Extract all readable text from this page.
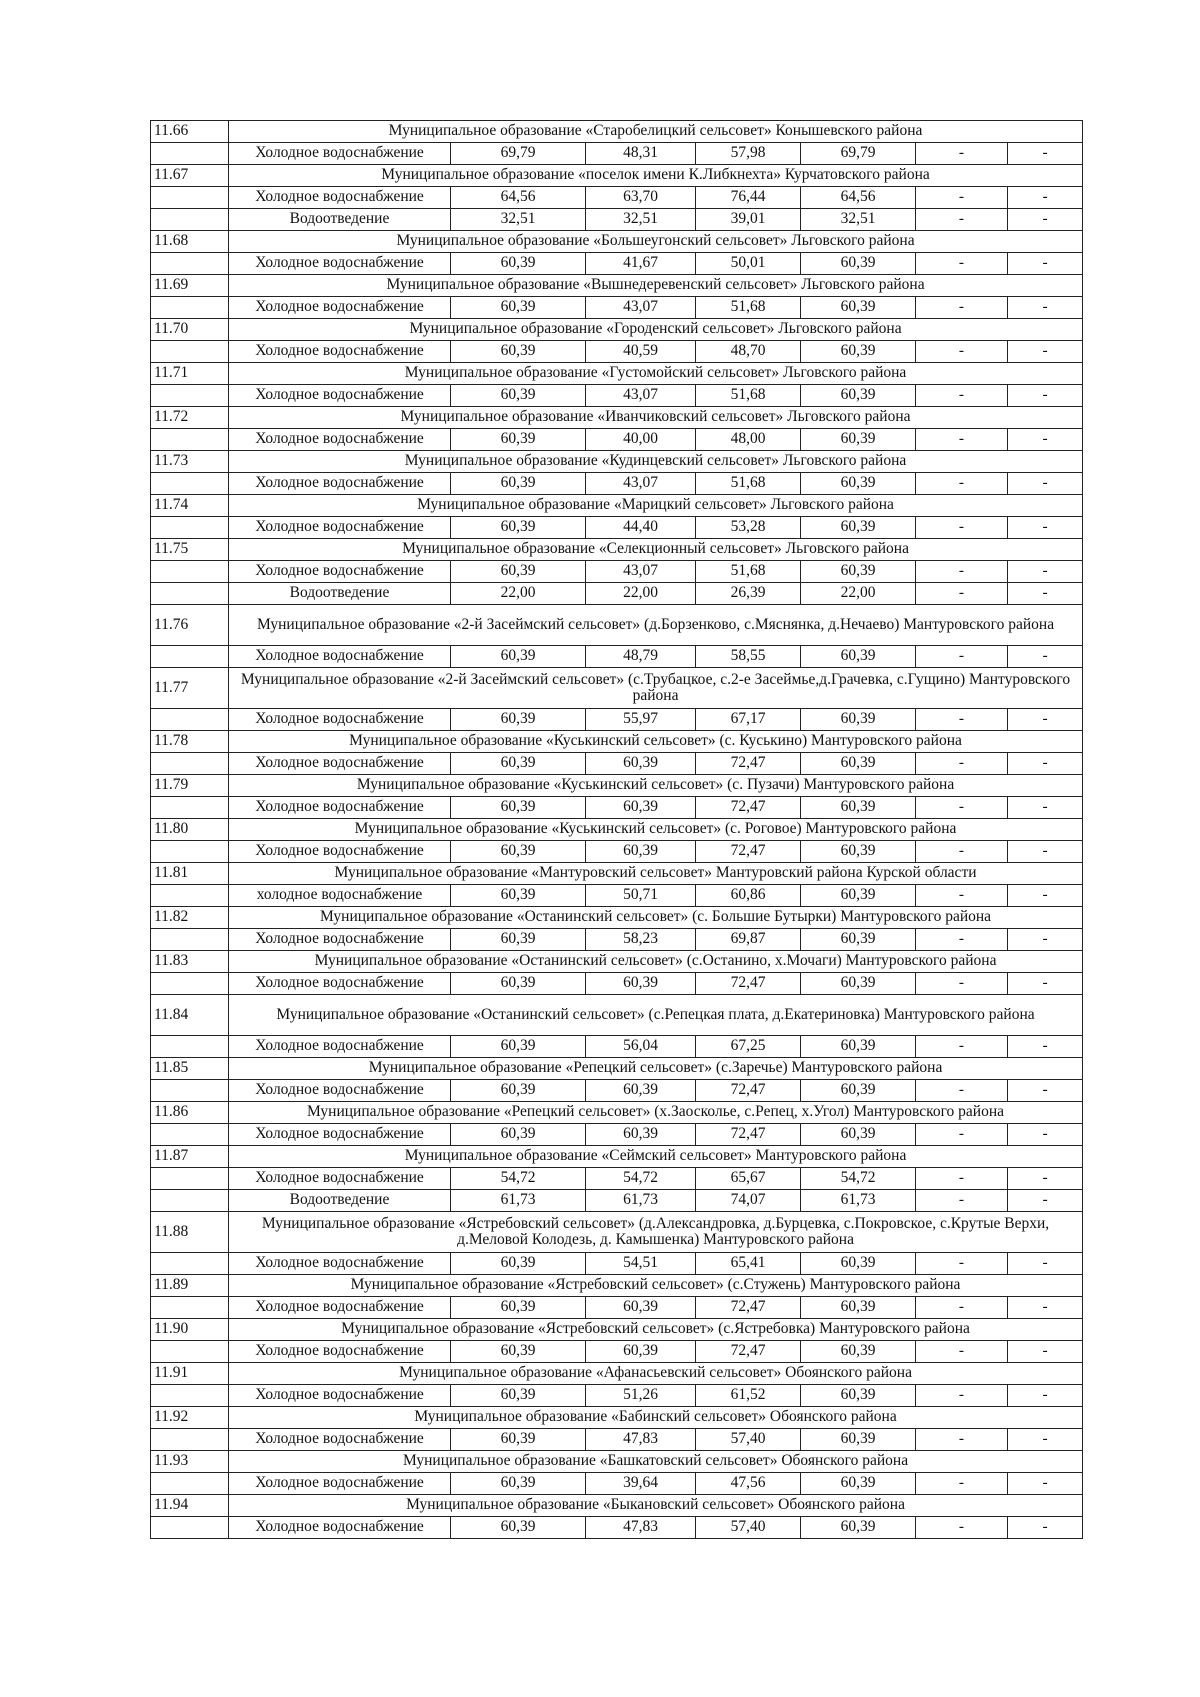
11.66	Муниципальное образование «Старобелицкий сельсовет» Конышевского района						
	Холодное водоснабжение	69,79	48,31	57,98	69,79	-	-
11.67	Муниципальное образование «поселок имени К.Либкнехта» Курчатовского района						
	Холодное водоснабжение	64,56	63,70	76,44	64,56	-	-
	Водоотведение	32,51	32,51	39,01	32,51	-	-
11.68	Муниципальное образование «Большеугонский сельсовет» Льговского района						
	Холодное водоснабжение	60,39	41,67	50,01	60,39	-	-
11.69	Муниципальное образование «Вышнедеревенский сельсовет» Льговского района						
	Холодное водоснабжение	60,39	43,07	51,68	60,39	-	-
11.70	Муниципальное образование «Городенский сельсовет» Льговского района						
	Холодное водоснабжение	60,39	40,59	48,70	60,39	-	-
11.71	Муниципальное образование «Густомойский сельсовет» Льговского района						
	Холодное водоснабжение	60,39	43,07	51,68	60,39	-	-
11.72	Муниципальное образование «Иванчиковский сельсовет» Льговского района						
	Холодное водоснабжение	60,39	40,00	48,00	60,39	-	-
11.73	Муниципальное образование «Кудинцевский сельсовет» Льговского района						
	Холодное водоснабжение	60,39	43,07	51,68	60,39	-	-
11.74	Муниципальное образование «Марицкий сельсовет» Льговского района						
	Холодное водоснабжение	60,39	44,40	53,28	60,39	-	-
11.75	Муниципальное образование «Селекционный сельсовет» Льговского района						
	Холодное водоснабжение	60,39	43,07	51,68	60,39	-	-
	Водоотведение	22,00	22,00	26,39	22,00	-	-
11.76	Муниципальное образование «2-й Засеймский сельсовет» (д.Борзенково, с.Мяснянка, д.Нечаево) Мантуровского района						
	Холодное водоснабжение	60,39	48,79	58,55	60,39	-	-
11.77	Муниципальное образование «2-й Засеймский сельсовет» (с.Трубацкое, с.2-е Засеймье,д.Грачевка, с.Гущино) Мантуровского района						
	Холодное водоснабжение	60,39	55,97	67,17	60,39	-	-
11.78	Муниципальное образование «Куськинский сельсовет» (с. Куськино) Мантуровского района						
	Холодное водоснабжение	60,39	60,39	72,47	60,39	-	-
11.79	Муниципальное образование «Куськинский сельсовет» (с. Пузачи) Мантуровского района						
	Холодное водоснабжение	60,39	60,39	72,47	60,39	-	-
11.80	Муниципальное образование «Куськинский сельсовет» (с. Роговое) Мантуровского района						
	Холодное водоснабжение	60,39	60,39	72,47	60,39	-	-
11.81	Муниципальное образование «Мантуровский сельсовет» Мантуровский района Курской области						
	холодное водоснабжение	60,39	50,71	60,86	60,39	-	-
11.82	Муниципальное образование «Останинский сельсовет» (с. Большие Бутырки) Мантуровского района						
	Холодное водоснабжение	60,39	58,23	69,87	60,39	-	-
11.83	Муниципальное образование «Останинский сельсовет» (с.Останино, х.Мочаги) Мантуровского района						
	Холодное водоснабжение	60,39	60,39	72,47	60,39	-	-
11.84	Муниципальное образование «Останинский сельсовет» (с.Репецкая плата, д.Екатериновка) Мантуровского района						
	Холодное водоснабжение	60,39	56,04	67,25	60,39	-	-
11.85	Муниципальное образование «Репецкий сельсовет» (с.Заречье) Мантуровского района						
	Холодное водоснабжение	60,39	60,39	72,47	60,39	-	-
11.86	Муниципальное образование «Репецкий сельсовет» (х.Заосколье, с.Репец, х.Угол) Мантуровского района						
	Холодное водоснабжение	60,39	60,39	72,47	60,39	-	-
11.87	Муниципальное образование «Сеймский сельсовет» Мантуровского района						
	Холодное водоснабжение	54,72	54,72	65,67	54,72	-	-
	Водоотведение	61,73	61,73	74,07	61,73	-	-
11.88	Муниципальное образование «Ястребовский сельсовет» (д.Александровка, д.Бурцевка, с.Покровское, с.Крутые Верхи, д.Меловой Колодезь, д. Камышенка) Мантуровского района						
	Холодное водоснабжение	60,39	54,51	65,41	60,39	-	-
11.89	Муниципальное образование «Ястребовский сельсовет» (с.Стужень) Мантуровского района						
	Холодное водоснабжение	60,39	60,39	72,47	60,39	-	-
11.90	Муниципальное образование «Ястребовский сельсовет» (с.Ястребовка) Мантуровского района						
	Холодное водоснабжение	60,39	60,39	72,47	60,39	-	-
11.91	Муниципальное образование «Афанасьевский сельсовет» Обоянского района						
	Холодное водоснабжение	60,39	51,26	61,52	60,39	-	-
11.92	Муниципальное образование «Бабинский сельсовет» Обоянского района						
	Холодное водоснабжение	60,39	47,83	57,40	60,39	-	-
11.93	Муниципальное образование «Башкатовский сельсовет» Обоянского района						
	Холодное водоснабжение	60,39	39,64	47,56	60,39	-	-
11.94	Муниципальное образование «Быкановский сельсовет» Обоянского района						
	Холодное водоснабжение	60,39	47,83	57,40	60,39	-	-
